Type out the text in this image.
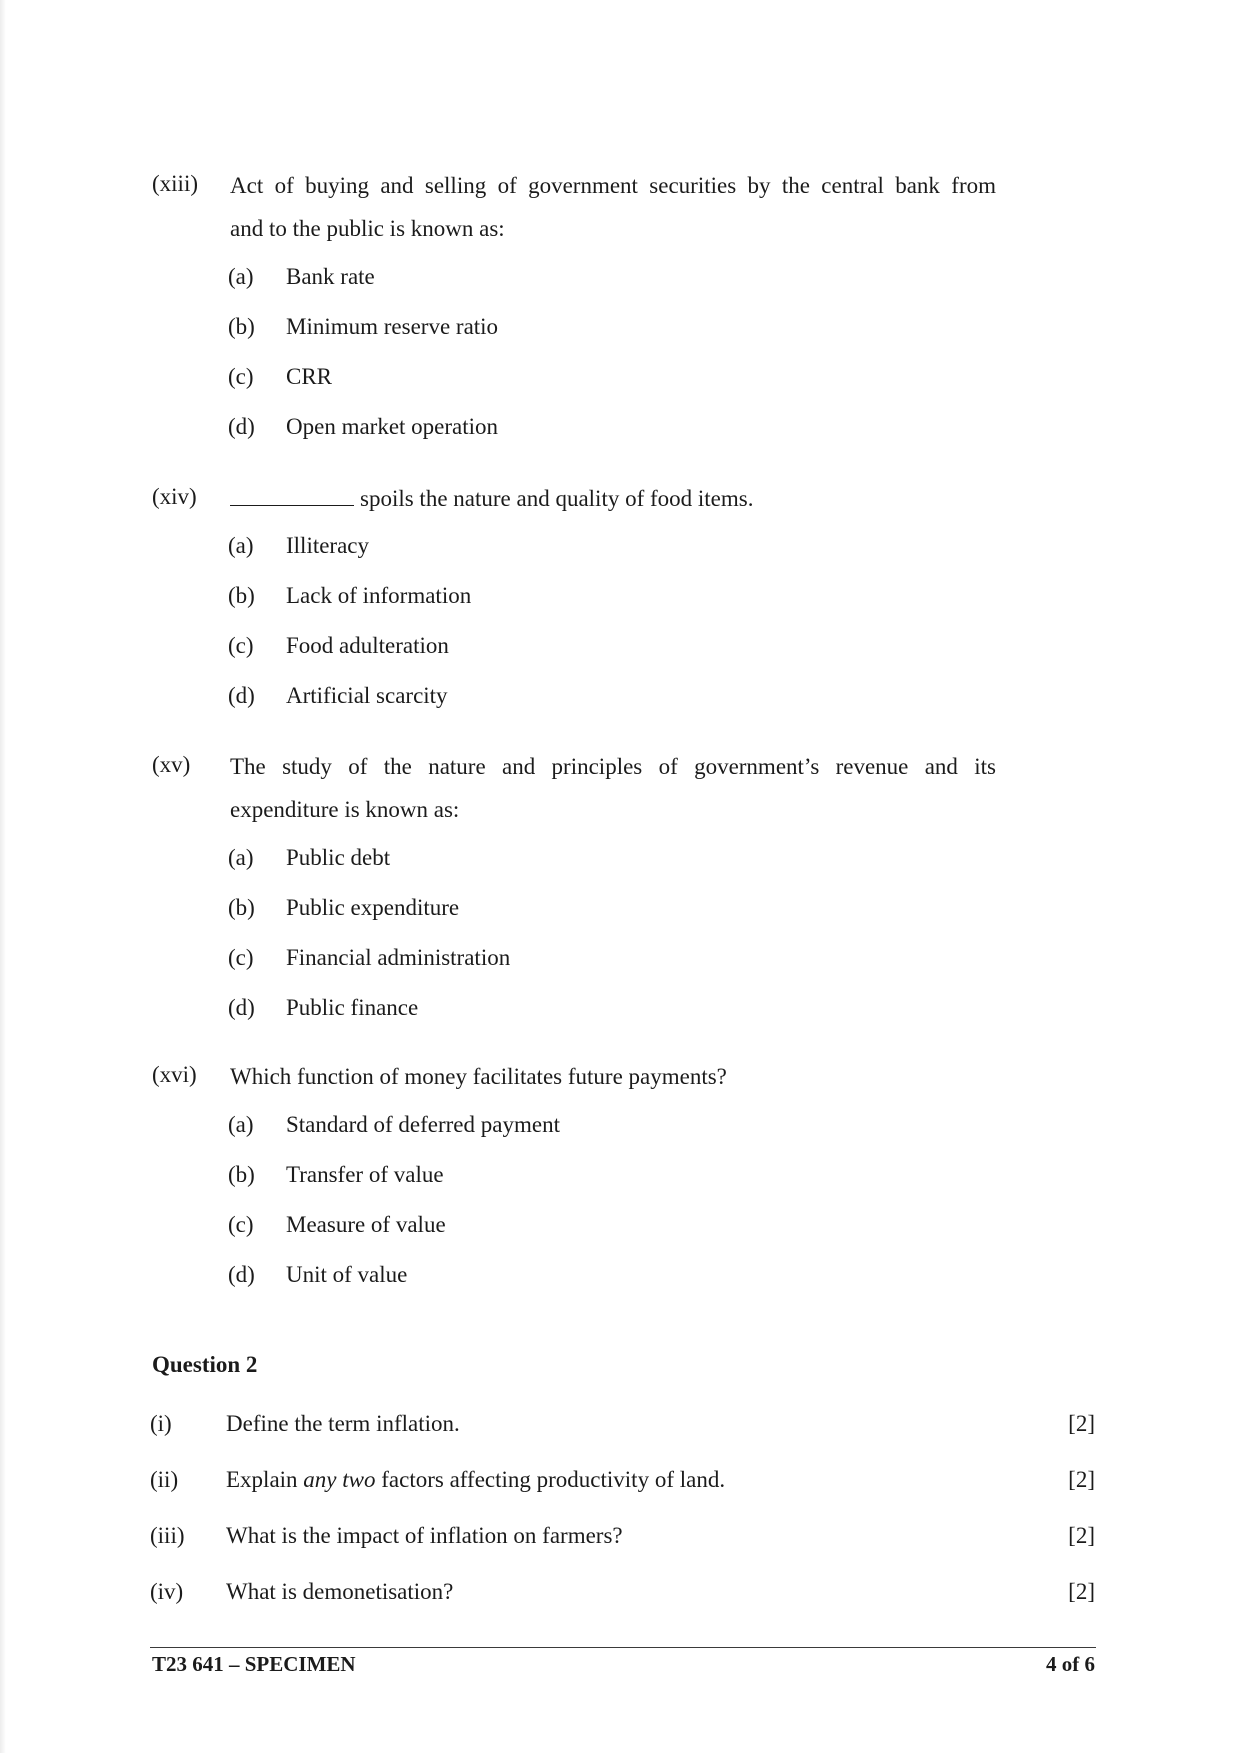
(xiii) Act of buying and selling of government securities by the central bank from
and to the public is known as:
(a) Bank rate
(b) Minimum reserve ratio
(c) CRR
(d) Open market operation
(xiv)	spoils the nature and quality of food items.
(a) Illiteracy
(b) Lack of information
(c) Food adulteration
(d) Artificial scarcity
(xv) The study of the nature and principles of government’s revenue and its
expenditure is known as:
(a) Public debt
(b) Public expenditure
(c) Financial administration
(d) Public finance
(xvi) Which function of money facilitates future payments?
(a) Standard of deferred payment
(b) Transfer of value
(c) Measure of value
(d) Unit of value
Question 2
(i) Define the term inflation.	[2]
(ii) Explain any two factors affecting productivity of land.	[2]
(iii) What is the impact of inflation on farmers?	[2]
(iv) What is demonetisation?	[2]
T23 641 – SPECIMEN	4 of 6
